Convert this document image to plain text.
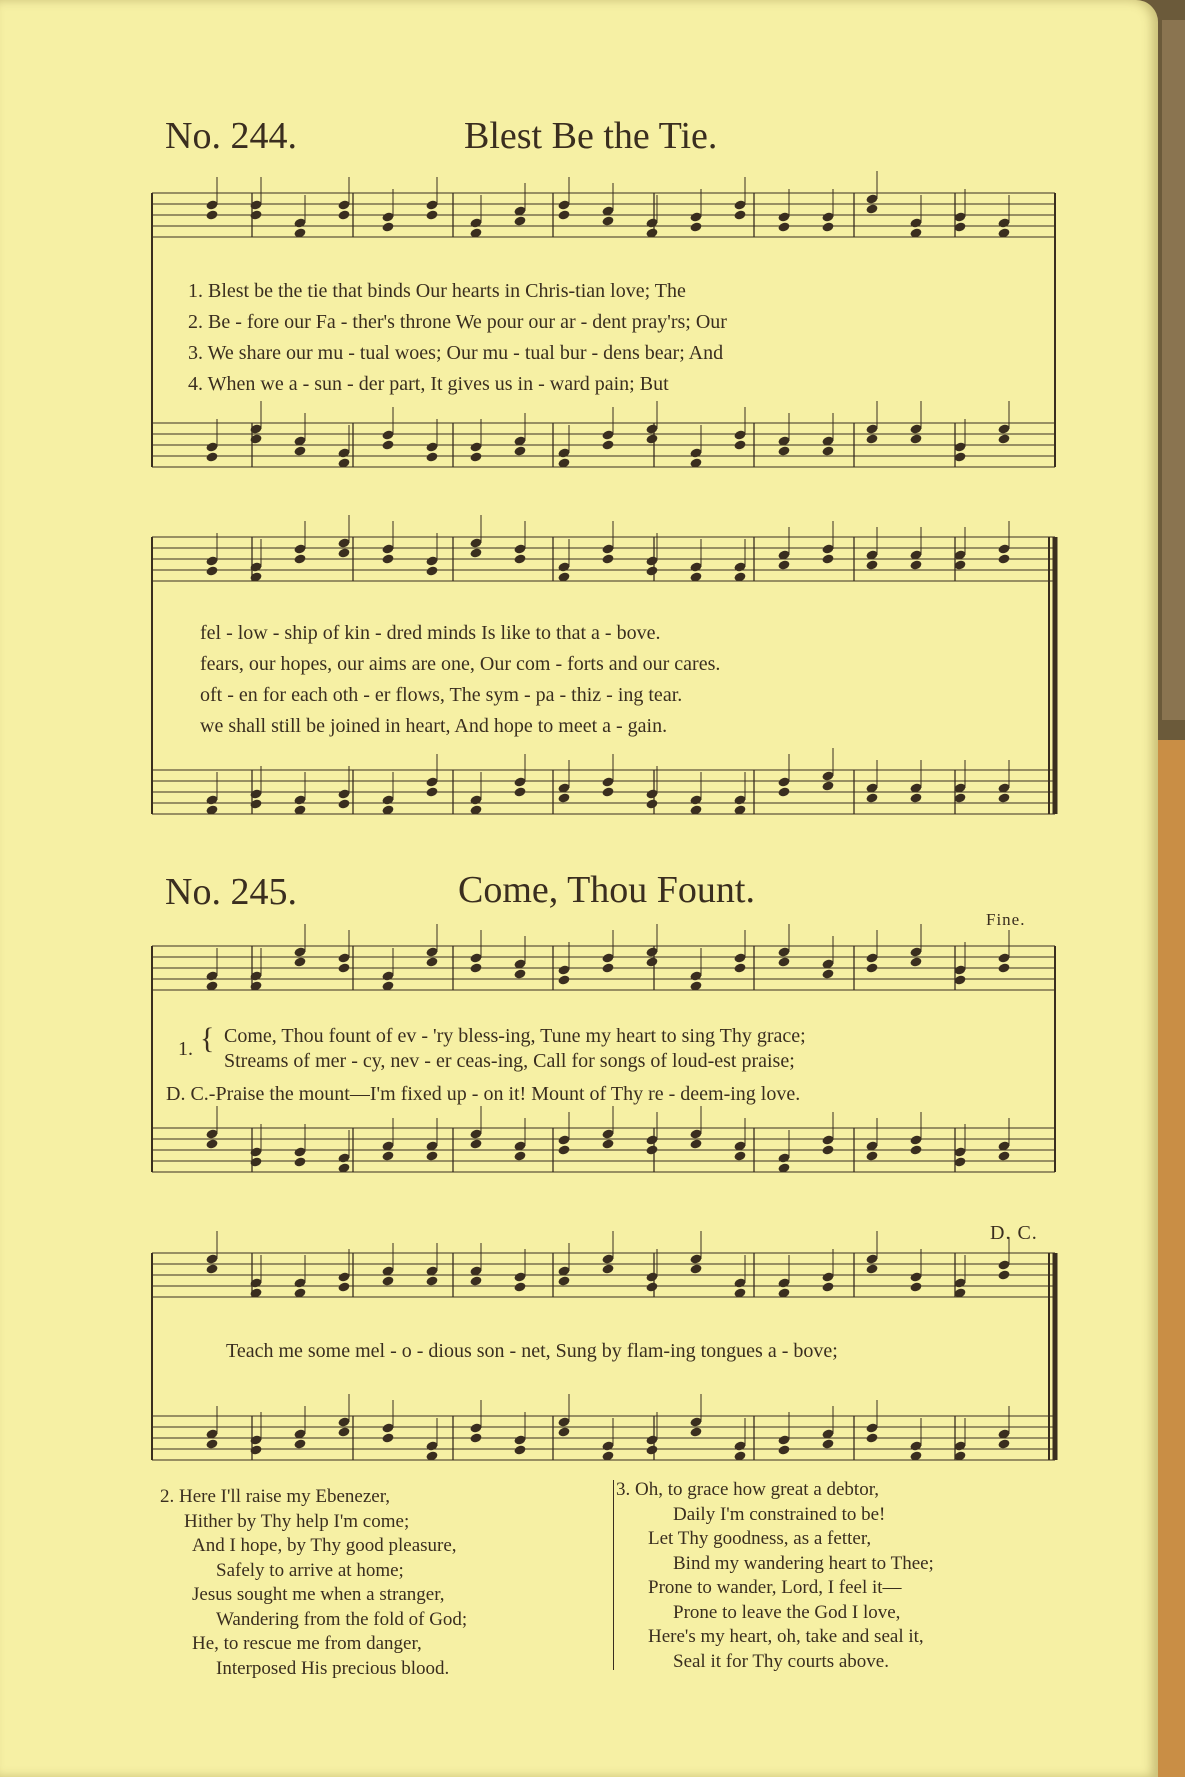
No. 244.	Blest Be the Tie.
1. Blest be the tie that binds Our hearts in Chris-tian love; The
2. Be - fore our Fa - ther's throne We pour our ar - dent pray'rs; Our
3. We share our mu - tual woes; Our mu - tual bur - dens bear; And
4. When we a - sun - der part, It gives us in - ward pain; But
fel - low - ship of kin - dred minds Is like to that a - bove.
fears, our hopes, our aims are one, Our com - forts and our cares.
oft - en for each oth - er flows, The sym - pa - thiz - ing tear.
we shall still be joined in heart, And hope to meet a - gain.
No. 245.	Come, Thou Fount.
Fine.
1. { Come, Thou fount of ev - 'ry bless-ing, Tune my heart to sing Thy grace;
Streams of mer - cy, nev - er ceas-ing, Call for songs of loud-est praise;
D. C.-Praise the mount—I'm fixed up - on it! Mount of Thy re - deem-ing love.
D. C.
Teach me some mel - o - dious son - net, Sung by flam-ing tongues a - bove;
2. Here I'll raise my Ebenezer,
Hither by Thy help I'm come;
And I hope, by Thy good pleasure,
Safely to arrive at home;
Jesus sought me when a stranger,
Wandering from the fold of God;
He, to rescue me from danger,
Interposed His precious blood.
3. Oh, to grace how great a debtor,
Daily I'm constrained to be!
Let Thy goodness, as a fetter,
Bind my wandering heart to Thee;
Prone to wander, Lord, I feel it—
Prone to leave the God I love,
Here's my heart, oh, take and seal it,
Seal it for Thy courts above.
